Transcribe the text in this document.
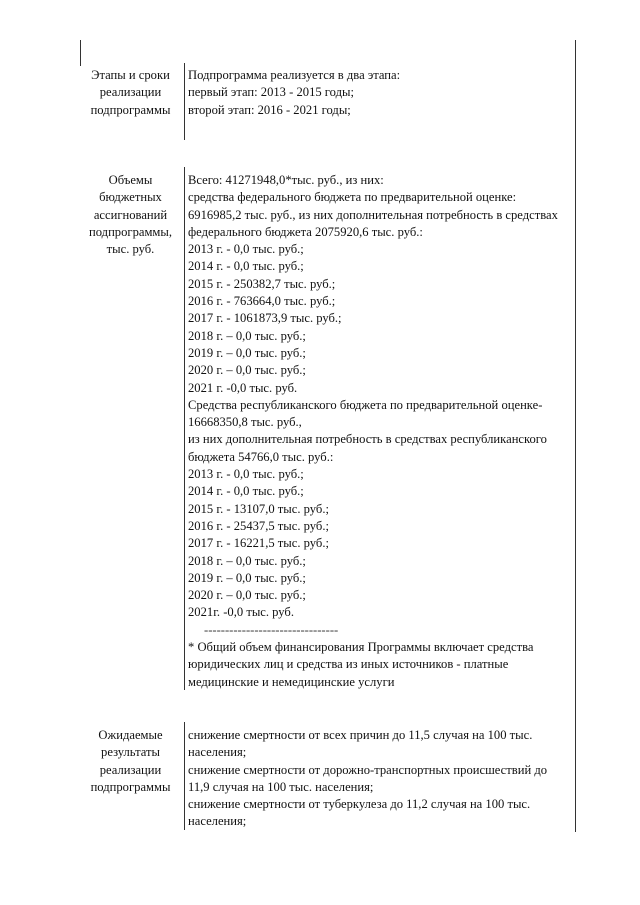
Этапы и сроки
реализации
подпрограммы
Подпрограмма реализуется в два этапа:
первый этап: 2013 - 2015 годы;
второй этап: 2016 - 2021 годы;
Объемы
бюджетных
ассигнований
подпрограммы,
тыс. руб.
Всего: 41271948,0*тыс. руб., из них:
средства федерального бюджета по предварительной оценке:
6916985,2 тыс. руб., из них дополнительная потребность в средствах
федерального бюджета 2075920,6 тыс. руб.:
2013 г. - 0,0 тыс. руб.;
2014 г. - 0,0 тыс. руб.;
2015 г. - 250382,7 тыс. руб.;
2016 г. - 763664,0 тыс. руб.;
2017 г. - 1061873,9 тыс. руб.;
2018 г. – 0,0 тыс. руб.;
2019 г. – 0,0 тыс. руб.;
2020 г. – 0,0 тыс. руб.;
2021 г. -0,0 тыс. руб.
Средства республиканского бюджета по предварительной оценке-
16668350,8 тыс. руб.,
из них дополнительная потребность в средствах республиканского
бюджета 54766,0 тыс. руб.:
2013 г. - 0,0 тыс. руб.;
2014 г. - 0,0 тыс. руб.;
2015 г. - 13107,0 тыс. руб.;
2016 г. - 25437,5 тыс. руб.;
2017 г. - 16221,5 тыс. руб.;
2018 г. – 0,0 тыс. руб.;
2019 г. – 0,0 тыс. руб.;
2020 г. – 0,0 тыс. руб.;
2021г. -0,0 тыс. руб.
--------------------------------
* Общий объем финансирования Программы включает средства
юридических лиц и средства из иных источников - платные
медицинские и немедицинские услуги
Ожидаемые
результаты
реализации
подпрограммы
снижение смертности от всех причин до 11,5 случая на 100 тыс.
населения;
снижение смертности от дорожно-транспортных происшествий до
11,9 случая на 100 тыс. населения;
снижение смертности от туберкулеза до 11,2 случая на 100 тыс.
населения;
